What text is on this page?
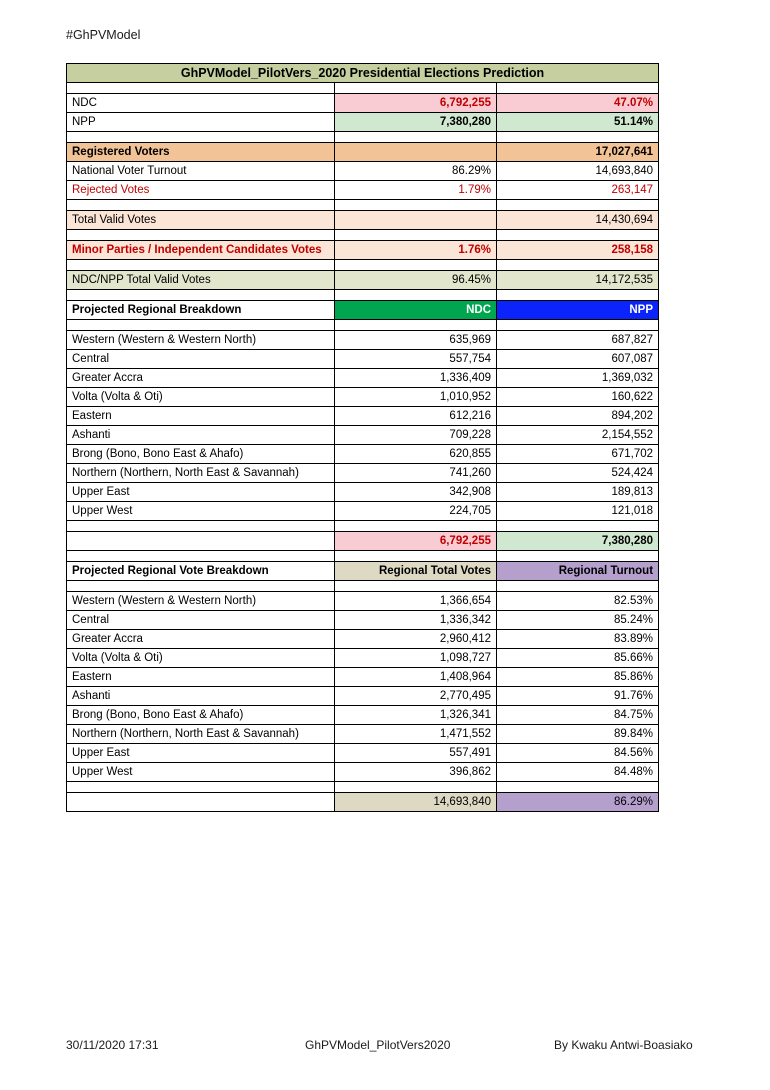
#GhPVModel
GhPVModel_PilotVers_2020 Presidential Elections Prediction		

NDC	6,792,255	47.07%
NPP	7,380,280	51.14%

Registered Voters		17,027,641
National Voter Turnout	86.29%	14,693,840
Rejected Votes	1.79%	263,147

Total Valid Votes		14,430,694

Minor Parties / Independent Candidates Votes	1.76%	258,158

NDC/NPP Total Valid Votes	96.45%	14,172,535

Projected Regional Breakdown	NDC	NPP

Western (Western & Western North)	635,969	687,827
Central	557,754	607,087
Greater Accra	1,336,409	1,369,032
Volta (Volta & Oti)	1,010,952	160,622
Eastern	612,216	894,202
Ashanti	709,228	2,154,552
Brong (Bono, Bono East & Ahafo)	620,855	671,702
Northern (Northern, North East & Savannah)	741,260	524,424
Upper East	342,908	189,813
Upper West	224,705	121,018

	6,792,255	7,380,280

Projected Regional Vote Breakdown	Regional Total Votes	Regional Turnout

Western (Western & Western North)	1,366,654	82.53%
Central	1,336,342	85.24%
Greater Accra	2,960,412	83.89%
Volta (Volta & Oti)	1,098,727	85.66%
Eastern	1,408,964	85.86%
Ashanti	2,770,495	91.76%
Brong (Bono, Bono East & Ahafo)	1,326,341	84.75%
Northern (Northern, North East & Savannah)	1,471,552	89.84%
Upper East	557,491	84.56%
Upper West	396,862	84.48%

	14,693,840	86.29%
30/11/2020 17:31	GhPVModel_PilotVers2020	By Kwaku Antwi-Boasiako
